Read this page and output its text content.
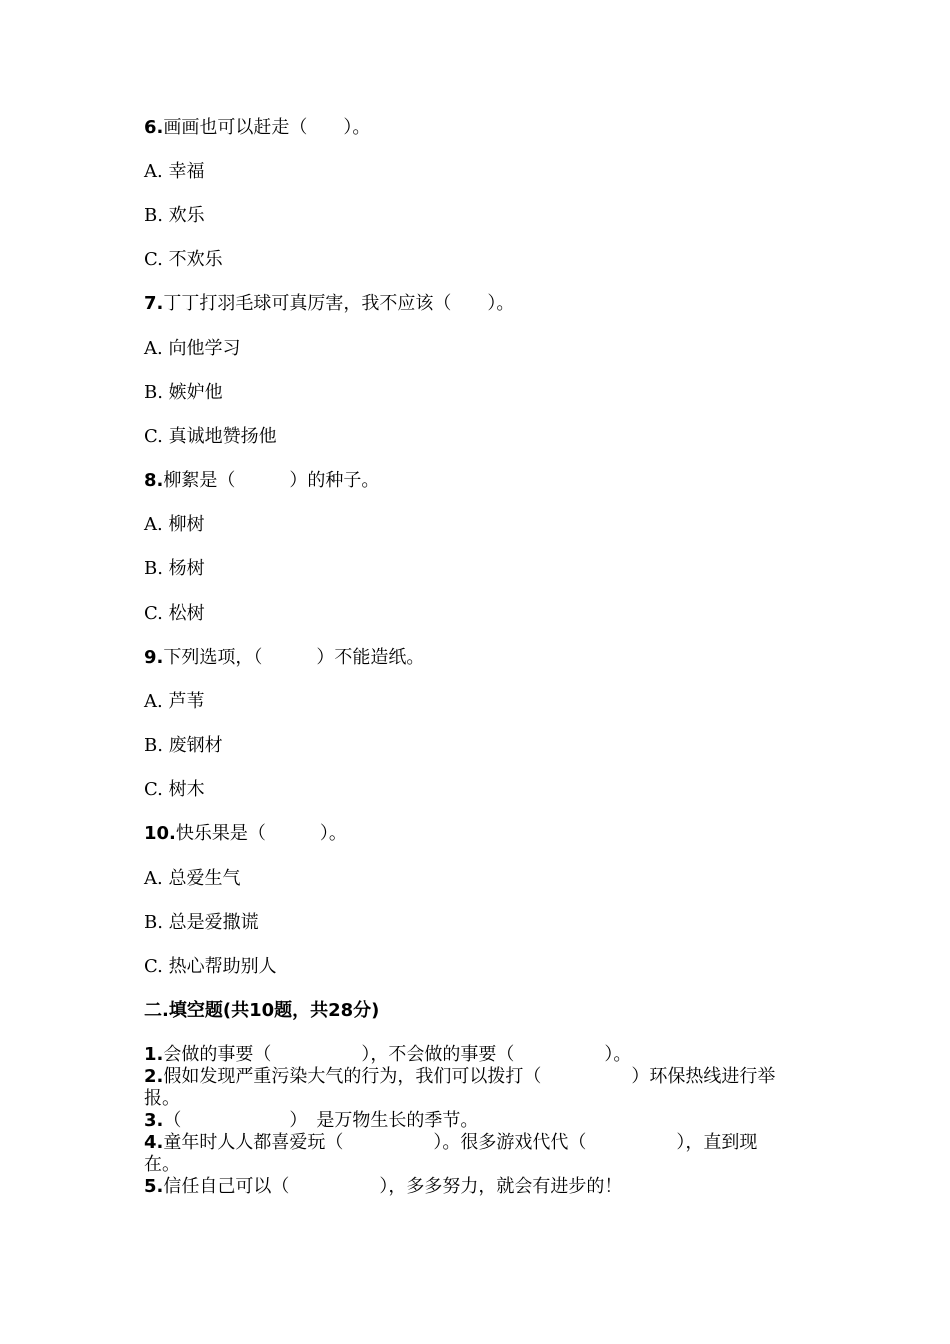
6.画画也可以赶走（　　）。
A. 幸福
B. 欢乐
C. 不欢乐
7.丁丁打羽毛球可真厉害，我不应该（　　）。
A. 向他学习
B. 嫉妒他
C. 真诚地赞扬他
8.柳絮是（　　　）的种子。
A. 柳树
B. 杨树
C. 松树
9.下列选项，（　　　）不能造纸。
A. 芦苇
B. 废钢材
C. 树木
10.快乐果是（　　　）。
A. 总爱生气
B. 总是爱撒谎
C. 热心帮助别人
二.填空题(共10题，共28分)
1.会做的事要（　　　　　），不会做的事要（　　　　　）。
2.假如发现严重污染大气的行为，我们可以拨打（　　　　　）环保热线进行举
报。
3.（　　　　　　）　是万物生长的季节。
4.童年时人人都喜爱玩（　　　　　）。很多游戏代代（　　　　　），直到现
在。
5.信任自己可以（　　　　　），多多努力，就会有进步的！
